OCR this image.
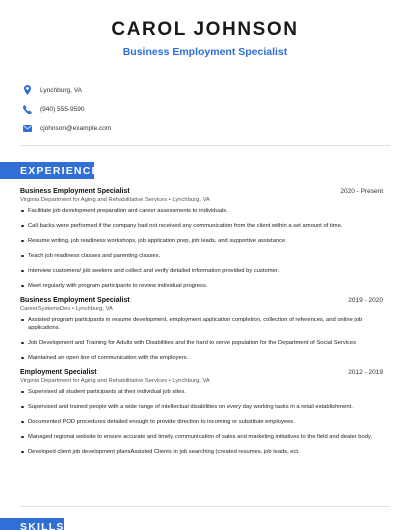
CAROL JOHNSON
Business Employment Specialist
Lynchburg, VA
(940) 555-9590
cjohnson@example.com
EXPERIENCE
Business Employment Specialist	2020 - Present
Virginia Department for Aging and Rehabilitative Services • Lynchburg, VA
Facilitate job development preparation and career assessments to individuals.
Call backs were performed if the company had not received any communication from the client within a set amount of time.
Resume writing, job readiness workshops, job application prep, job leads, and supportive assistance.
Teach job readiness classes and parenting classes.
Interview customers/ job seekers and collect and verify detailed information provided by customer.
Meet regularly with program participants to review individual progress.
Business Employment Specialist	2019 - 2020
CareerSystemsDev • Lynchburg, VA
Assisted program participants in resume development, employment application completion, collection of references, and online job applications.
Job Development and Training for Adults with Disabilities and the hard to serve population for the Department of Social Services
Maintained an open line of communication with the employers.
Employment Specialist	2012 - 2019
Virginia Department for Aging and Rehabilitative Services • Lynchburg, VA
Supervised all student participants at their individual job sites.
Supervised and trained people with a wide range of intellectual disabilities on every day working tasks in a retail establishment.
Documented POD procedures detailed enough to provide direction to incoming or substitute employees.
Managed regional website to ensure accurate and timely communication of sales and marketing initiatives to the field and dealer body.
Developed client job development plansAssisted Clients in job searching (created resumes, job leads, ect.
SKILLS
